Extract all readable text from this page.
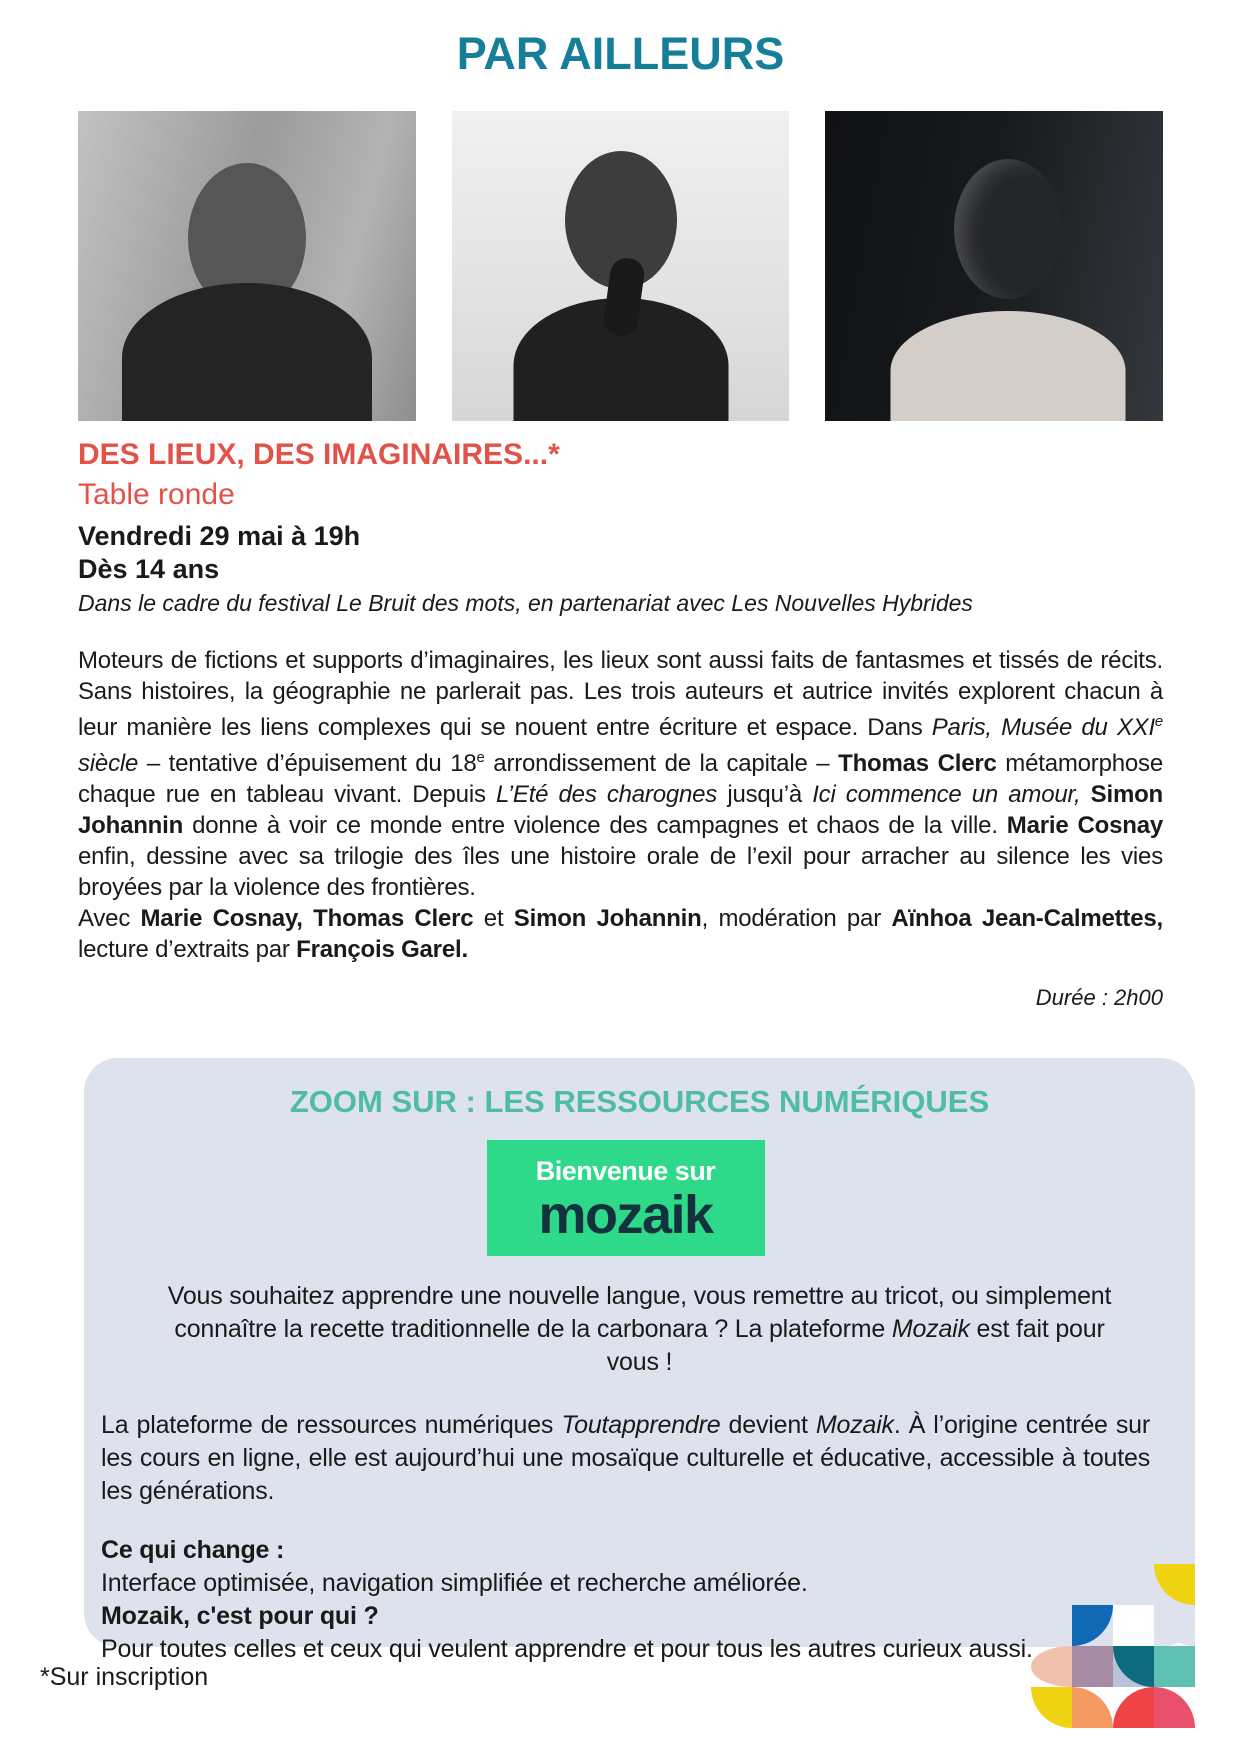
PAR AILLEURS
DES LIEUX, DES IMAGINAIRES...*
Table ronde
Vendredi 29 mai à 19h
Dès 14 ans
Dans le cadre du festival Le Bruit des mots, en partenariat avec Les Nouvelles Hybrides

Moteurs de fictions et supports d’imaginaires, les lieux sont aussi faits de fantasmes et tissés de récits. Sans histoires, la géographie ne parlerait pas. Les trois auteurs et autrice invités explorent chacun à leur manière les liens complexes qui se nouent entre écriture et espace. Dans Paris, Musée du XXIe siècle – tentative d’épuisement du 18e arrondissement de la capitale – Thomas Clerc métamorphose chaque rue en tableau vivant. Depuis L’Eté des charognes jusqu’à Ici commence un amour, Simon Johannin donne à voir ce monde entre violence des campagnes et chaos de la ville. Marie Cosnay enfin, dessine avec sa trilogie des îles une histoire orale de l’exil pour arracher au silence les vies broyées par la violence des frontières.

Avec Marie Cosnay, Thomas Clerc et Simon Johannin, modération par Aïnhoa Jean-Calmettes, lecture d’extraits par François Garel.

Durée : 2h00
ZOOM SUR : LES RESSOURCES NUMÉRIQUES
Bienvenue sur
mozaik

Vous souhaitez apprendre une nouvelle langue, vous remettre au tricot, ou simplement connaître la recette traditionnelle de la carbonara ? La plateforme Mozaik est fait pour vous !

La plateforme de ressources numériques Toutapprendre devient Mozaik. À l’origine centrée sur les cours en ligne, elle est aujourd’hui une mosaïque culturelle et éducative, accessible à toutes les générations.

Ce qui change :

Interface optimisée, navigation simplifiée et recherche améliorée.

Mozaik, c'est pour qui ?

Pour toutes celles et ceux qui veulent apprendre et pour tous les autres curieux aussi.

*Sur inscription
